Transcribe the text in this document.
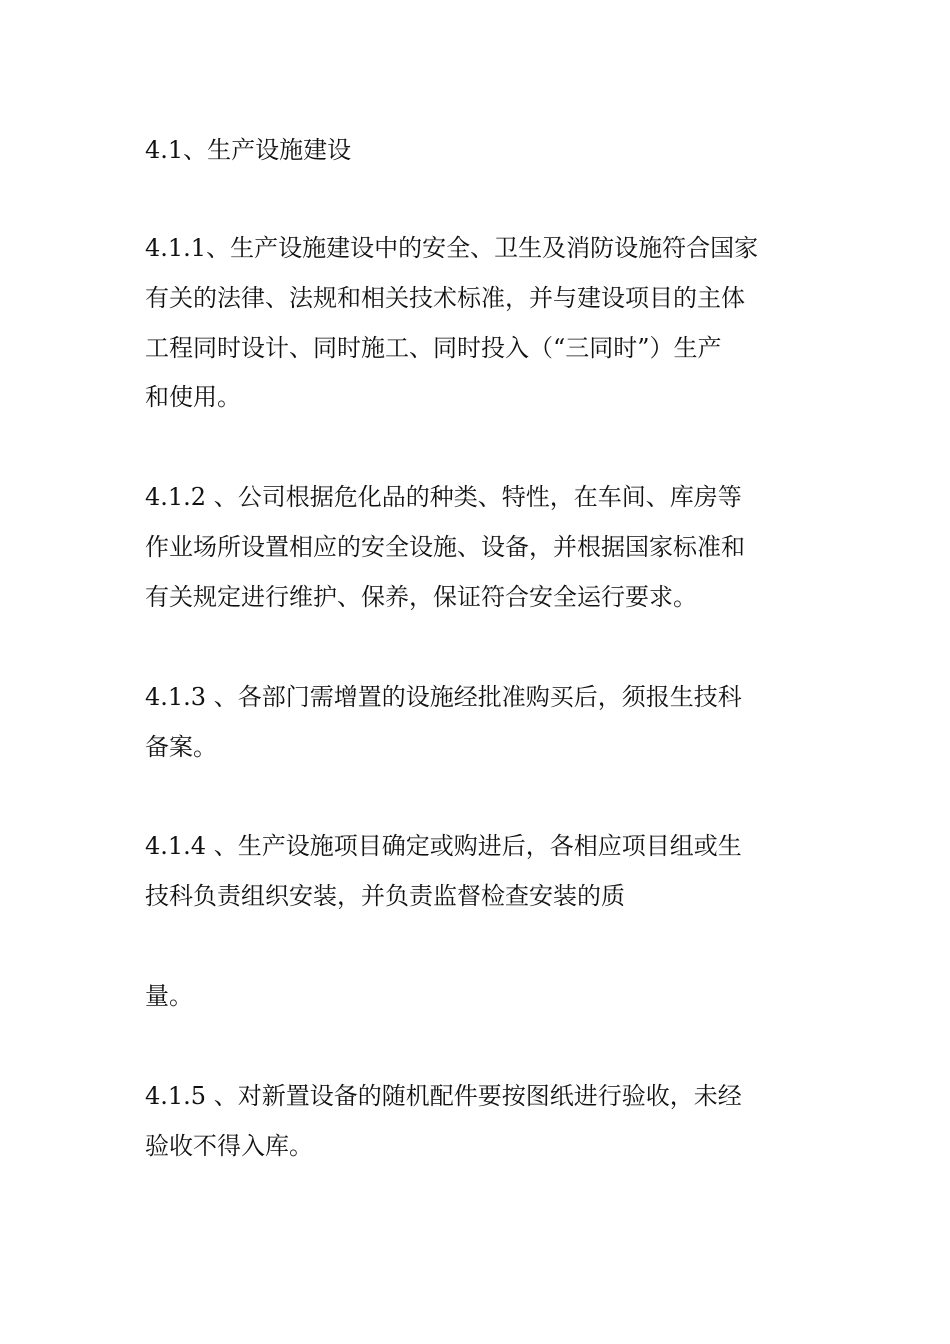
4.1、生产设施建设
4.1.1、生产设施建设中的安全、卫生及消防设施符合国家
有关的法律、法规和相关技术标准，并与建设项目的主体
工程同时设计、同时施工、同时投入（“三同时”）生产
和使用。
4.1.2 、公司根据危化品的种类、特性，在车间、库房等
作业场所设置相应的安全设施、设备，并根据国家标准和
有关规定进行维护、保养，保证符合安全运行要求。
4.1.3 、各部门需增置的设施经批准购买后，须报生技科
备案。
4.1.4 、生产设施项目确定或购进后，各相应项目组或生
技科负责组织安装，并负责监督检查安装的质
量。
4.1.5 、对新置设备的随机配件要按图纸进行验收，未经
验收不得入库。
